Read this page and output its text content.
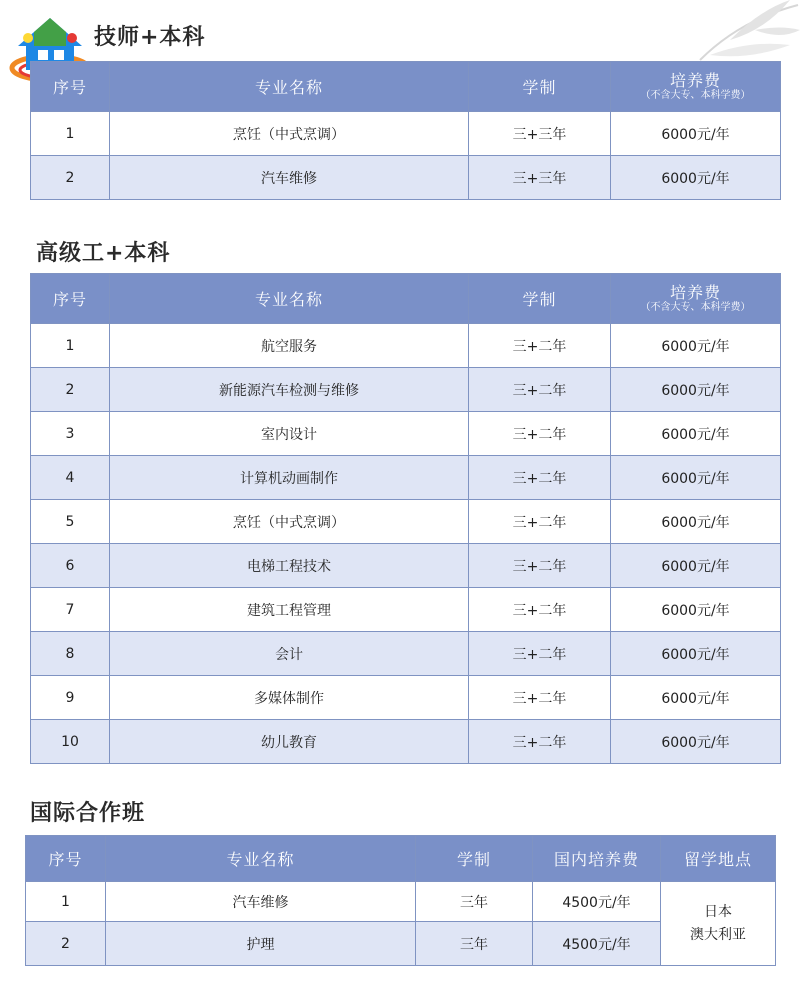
技师+本科
序号	专业名称	学制	培养费
（不含大专、本科学费）

1	烹饪（中式烹调）	三+三年	6000元/年
2	汽车维修	三+三年	6000元/年
高级工+本科
序号	专业名称	学制	培养费
（不含大专、本科学费）

1	航空服务	三+二年	6000元/年
2	新能源汽车检测与维修	三+二年	6000元/年
3	室内设计	三+二年	6000元/年
4	计算机动画制作	三+二年	6000元/年
5	烹饪（中式烹调）	三+二年	6000元/年
6	电梯工程技术	三+二年	6000元/年
7	建筑工程管理	三+二年	6000元/年
8	会计	三+二年	6000元/年
9	多媒体制作	三+二年	6000元/年
10	幼儿教育	三+二年	6000元/年
国际合作班
序号	专业名称	学制	国内培养费	留学地点
1	汽车维修	三年	4500元/年	日本
澳大利亚

2	护理	三年	4500元/年	
